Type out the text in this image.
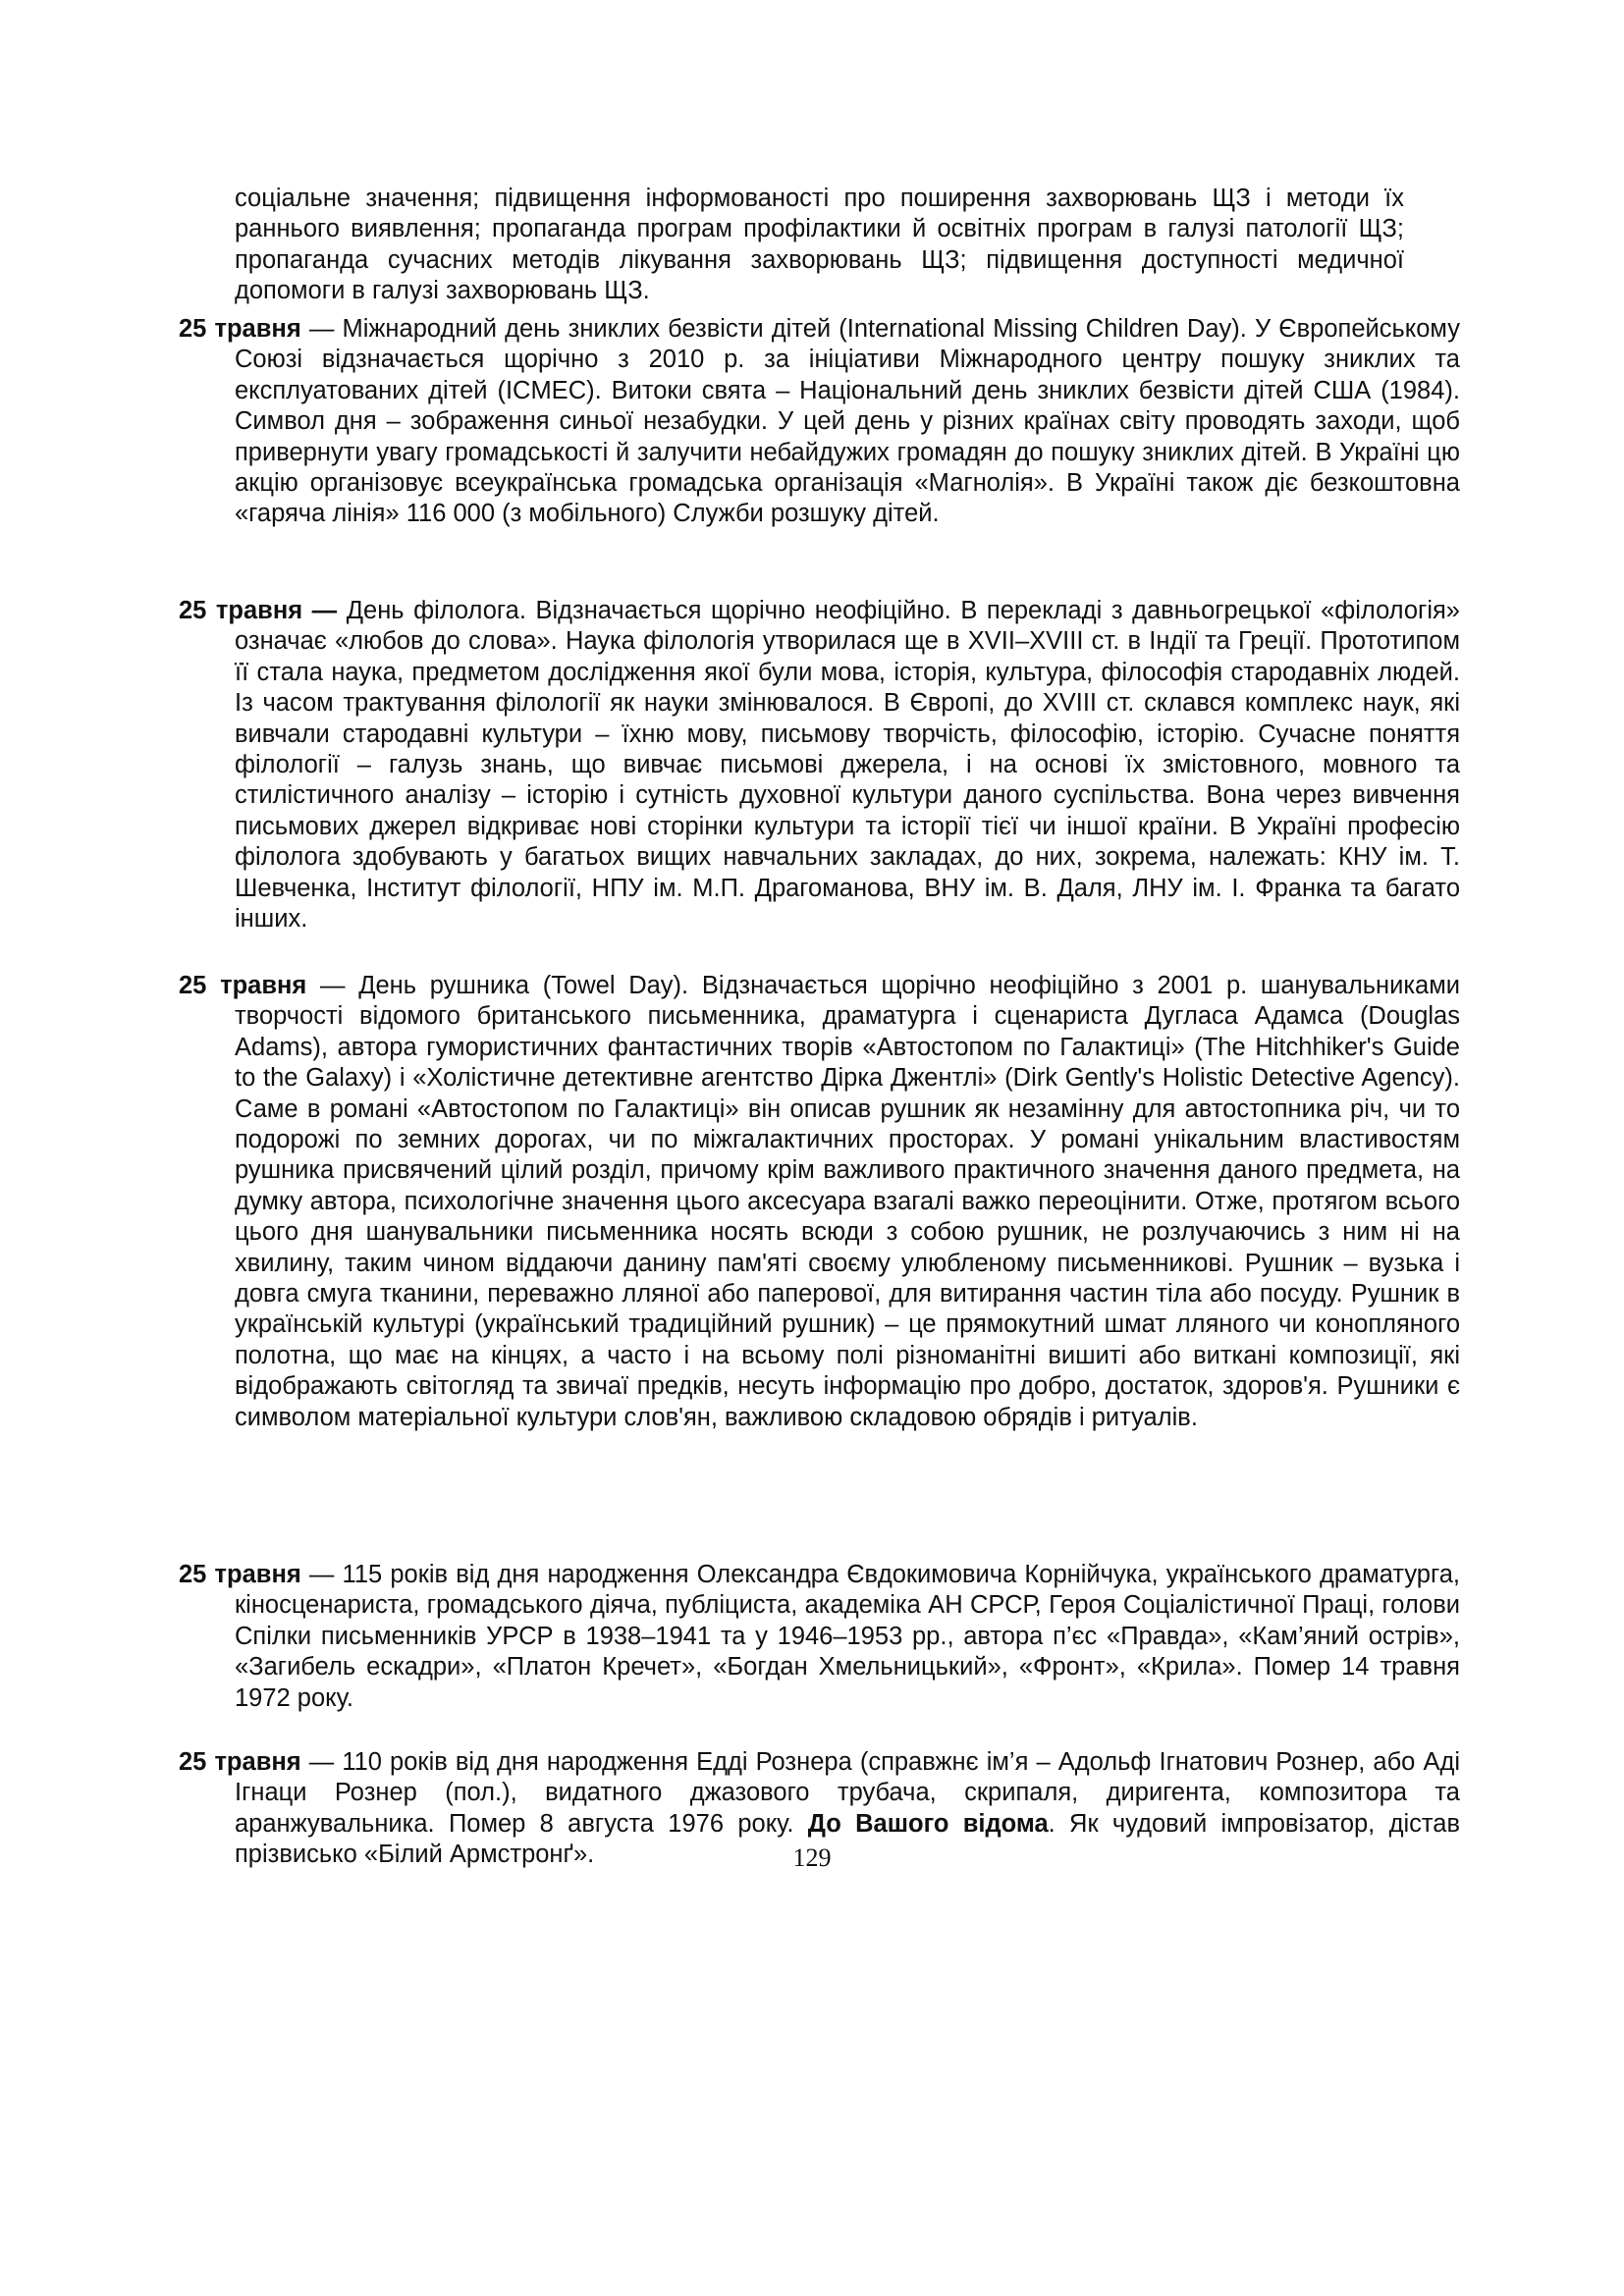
соціальне значення; підвищення інформованості про поширення захворювань ЩЗ і методи їх раннього виявлення; пропаганда програм профілактики й освітніх програм в галузі патології ЩЗ; пропаганда сучасних методів лікування захворювань ЩЗ; підвищення доступності медичної допомоги в галузі захворювань ЩЗ.

25 травня — Міжнародний день зниклих безвісти дітей (International Missing Children Day). У Європейському Союзі відзначається щорічно з 2010 р. за ініціативи Міжнародного центру пошуку зниклих та експлуатованих дітей (ICMEC). Витоки свята – Національний день зниклих безвісти дітей США (1984). Символ дня – зображення синьої незабудки. У цей день у різних країнах світу проводять заходи, щоб привернути увагу громадськості й залучити небайдужих громадян до пошуку зниклих дітей. В Україні цю акцію організовує всеукраїнська громадська організація «Магнолія». В Україні також діє безкоштовна «гаряча лінія» 116 000 (з мобільного) Служби розшуку дітей.

25 травня — День філолога. Відзначається щорічно неофіційно. В перекладі з давньогрецької «філологія» означає «любов до слова». Наука філологія утворилася ще в XVII–XVIII ст. в Індії та Греції. Прототипом її стала наука, предметом дослідження якої були мова, історія, культура, філософія стародавніх людей. Із часом трактування філології як науки змінювалося. В Європі, до XVIII ст. склався комплекс наук, які вивчали стародавні культури – їхню мову, письмову творчість, філософію, історію. Сучасне поняття філології – галузь знань, що вивчає письмові джерела, і на основі їх змістовного, мовного та стилістичного аналізу – історію і сутність духовної культури даного суспільства. Вона через вивчення письмових джерел відкриває нові сторінки культури та історії тієї чи іншої країни. В Україні професію філолога здобувають у багатьох вищих навчальних закладах, до них, зокрема, належать: КНУ ім. Т. Шевченка, Інститут філології, НПУ ім. М.П. Драгоманова, ВНУ ім. В. Даля, ЛНУ ім. І. Франка та багато інших.

25 травня — День рушника (Towel Day). Відзначається щорічно неофіційно з 2001 р. шанувальниками творчості відомого британського письменника, драматурга і сценариста Дугласа Адамса (Douglas Adams), автора гумористичних фантастичних творів «Автостопом по Галактиці» (The Hitchhiker's Guide to the Galaxy) і «Холістичне детективне агентство Дірка Джентлі» (Dirk Gently's Holistic Detective Agency). Саме в романі «Автостопом по Галактиці» він описав рушник як незамінну для автостопника річ, чи то подорожі по земних дорогах, чи по міжгалактичних просторах. У романі унікальним властивостям рушника присвячений цілий розділ, причому крім важливого практичного значення даного предмета, на думку автора, психологічне значення цього аксесуара взагалі важко переоцінити. Отже, протягом всього цього дня шанувальники письменника носять всюди з собою рушник, не розлучаючись з ним ні на хвилину, таким чином віддаючи данину пам'яті своєму улюбленому письменникові. Рушник – вузька і довга смуга тканини, переважно лляної або паперової, для витирання частин тіла або посуду. Рушник в українській культурі (український традиційний рушник) – це прямокутний шмат лляного чи конопляного полотна, що має на кінцях, а часто і на всьому полі різноманітні вишиті або виткані композиції, які відображають світогляд та звичаї предків, несуть інформацію про добро, достаток, здоров'я. Рушники є символом матеріальної культури слов'ян, важливою складовою обрядів і ритуалів.

25 травня — 115 років від дня народження Олександра Євдокимовича Корнійчука, українського драматурга, кіносценариста, громадського діяча, публіциста, академіка АН СРСР, Героя Соціалістичної Праці, голови Спілки письменників УРСР в 1938–1941 та у 1946–1953 рр., автора п’єс «Правда», «Кам’яний острів», «Загибель ескадри», «Платон Кречет», «Богдан Хмельницький», «Фронт», «Крила». Помер 14 травня 1972 року.

25 травня — 110 років від дня народження Едді Рознера (справжнє ім’я – Адольф Ігнатович Рознер, або Аді Ігнаци Рознер (пол.), видатного джазового трубача, скрипаля, диригента, композитора та аранжувальника. Помер 8 августа 1976 року. До Вашого відома. Як чудовий імпровізатор, дістав прізвисько «Білий Армстронґ».	129
